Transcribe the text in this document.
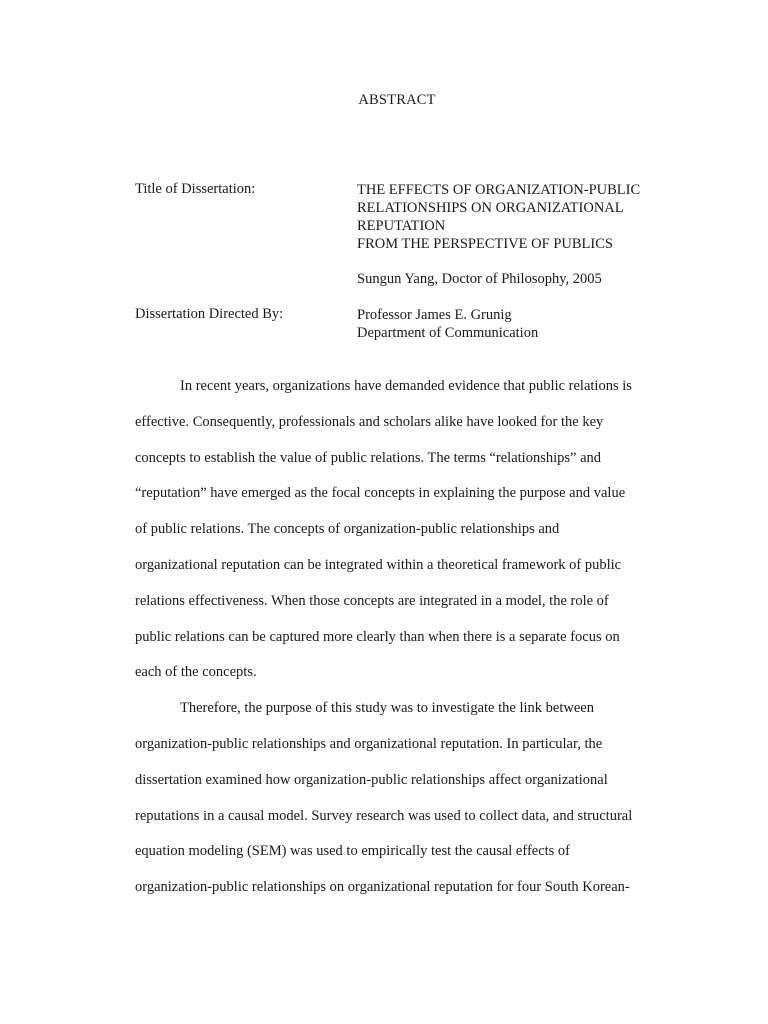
ABSTRACT
Title of Dissertation:	THE EFFECTS OF ORGANIZATION-PUBLIC
RELATIONSHIPS ON ORGANIZATIONAL
REPUTATION
FROM THE PERSPECTIVE OF PUBLICS
Sungun Yang, Doctor of Philosophy, 2005
Dissertation Directed By:	Professor James E. Grunig
Department of Communication
In recent years, organizations have demanded evidence that public relations is
effective. Consequently, professionals and scholars alike have looked for the key
concepts to establish the value of public relations. The terms “relationships” and
“reputation” have emerged as the focal concepts in explaining the purpose and value
of public relations. The concepts of organization-public relationships and
organizational reputation can be integrated within a theoretical framework of public
relations effectiveness. When those concepts are integrated in a model, the role of
public relations can be captured more clearly than when there is a separate focus on
each of the concepts.
Therefore, the purpose of this study was to investigate the link between
organization-public relationships and organizational reputation. In particular, the
dissertation examined how organization-public relationships affect organizational
reputations in a causal model. Survey research was used to collect data, and structural
equation modeling (SEM) was used to empirically test the causal effects of
organization-public relationships on organizational reputation for four South Korean-
